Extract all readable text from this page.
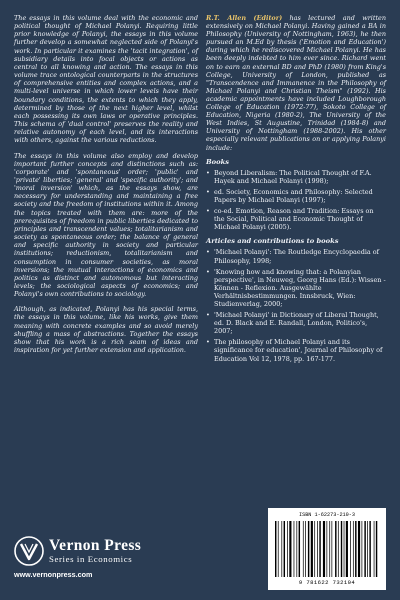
The essays in this volume deal with the economic and political thought of Michael Polanyi. Requiring little prior knowledge of Polanyi, the essays in this volume further develop a somewhat neglected side of Polanyi's work. In particular it examines the 'tacit integration', of subsidiary details into focal objects or actions as central to all knowing and action. The essays in this volume trace ontological counterparts in the structures of comprehensive entities and complex actions, and a multi-level universe in which lower levels have their boundary conditions, the extents to which they apply, determined by those of the next higher level, whilst each possessing its own laws or operative principles. This schema of 'dual control' preserves the reality and relative autonomy of each level, and its interactions with others, against the various reductions.

The essays in this volume also employ and develop important further concepts and distinctions such as: 'corporate' and 'spontaneous' order; 'public' and 'private' liberties; 'general' and 'specific authority'; and 'moral inversion' which, as the essays show, are necessary for understanding and maintaining a free society and the freedom of institutions within it. Among the topics treated with them are: more of the prerequisites of freedom in public liberties dedicated to principles and transcendent values; totalitarianism and society as spontaneous order; the balance of general and specific authority in society and particular institutions; reductionism, totalitarianism and consumption in consumer societies, as moral inversions; the mutual interactions of economics and politics as distinct and autonomous but interacting levels; the sociological aspects of economics; and Polanyi's own contributions to sociology.

Although, as indicated, Polanyi has his special terms, the essays in this volume, like his works, give them meaning with concrete examples and so avoid merely shuffling a mass of abstractions. Together the essays show that his work is a rich seam of ideas and inspiration for yet further extension and application.

R.T. Allen (Editor) has lectured and written extensively on Michael Polanyi. Having gained a BA in Philosophy (University of Nottingham, 1963), he then pursued an M.Ed by thesis ('Emotion and Education') during which he rediscovered Michael Polanyi. He has been deeply indebted to him ever since. Richard went on to earn an external BD and PhD (1980) from King's College, University of London, published as "Transcendence and Immanence in the Philosophy of Michael Polanyi and Christian Theism" (1992). His academic appointments have included Loughborough College of Education (1972-77), Sokoto College of Education, Nigeria (1980-2), The University of the West Indies, St Augustine, Trinidad (1984-8) and University of Nottingham (1988-2002). His other especially relevant publications on or applying Polanyi include:

Books
• Beyond Liberalism: The Political Thought of F.A. Hayek and Michael Polanyi (1998);
• ed. Society, Economics and Philosophy: Selected Papers by Michael Polanyi (1997);
• co-ed. Emotion, Reason and Tradition: Essays on the Social, Political and Economic Thought of Michael Polanyi (2005).
Articles and contributions to books
• 'Michael Polanyi': The Routledge Encyclopaedia of Philosophy, 1998;
• 'Knowing how and knowing that: a Polanyian perspective', in Neuweg, Georg Hans (Ed.): Wissen - Können - Reflexion. Ausgewählte Verhältnisbestimmungen. Innsbruck, Wien: Studienverlag, 2000;
• 'Michael Polanyi' in Dictionary of Liberal Thought, ed. D. Black and E. Randall, London, Politico's, 2007;
• The philosophy of Michael Polanyi and its significance for education', Journal of Philosophy of Education Vol 12, 1978, pp. 167-177.
Vernon Press
Series in Economics
www.vernonpress.com
ISBN 1-62273-210-3
9 781622 732104
